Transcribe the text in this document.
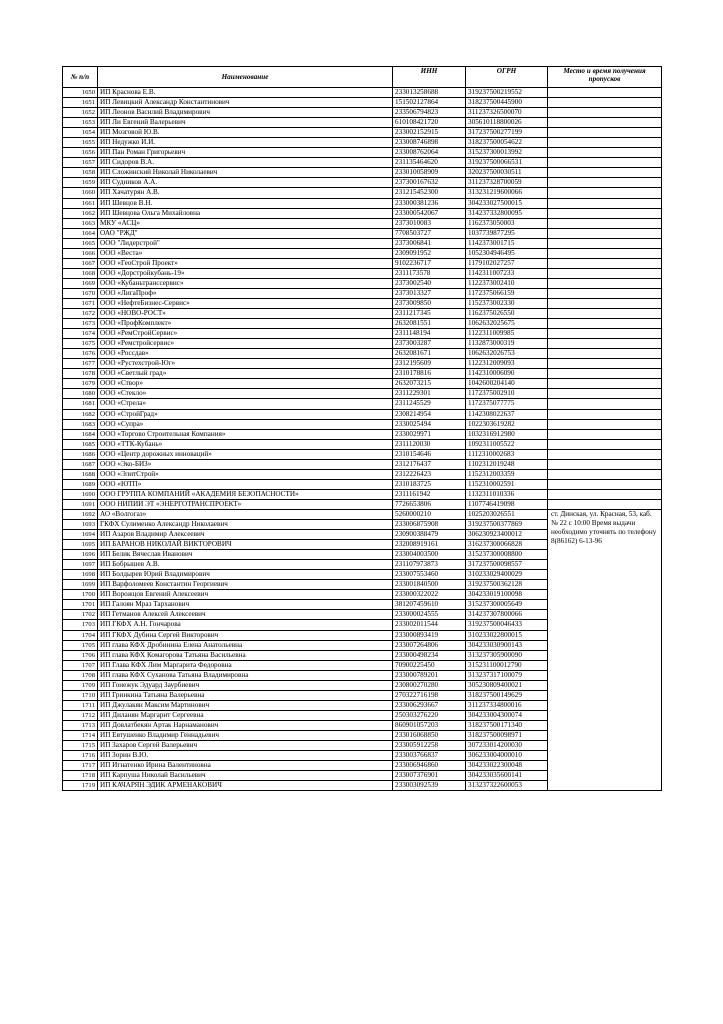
№ п/п	Наименование	ИНН	ОГРН	Место и время получения пропусков
1650	ИП Краснова Е.В.	233013258688	319237500219552	
1651	ИП Левицкий Александр Константинович	151502127864	318237500445900	
1652	ИП Леонов Василий Владимирович	233506794823	311237326500070	
1653	ИП Ли Евгений Валерьевич	610108421720	305610118800026	
1654	ИП Мозговой Ю.В.	233002152915	317237500277199	
1655	ИП Недужко И.И.	233008746898	318237500054622	
1656	ИП Пан Роман Григорьевич	233008762064	315237300013992	
1657	ИП Сидоров В.А.	231135464620	319237500066531	
1658	ИП Сложинский Николай Николаевич	233010058909	320237500030511	
1659	ИП Судников А.А.	237300167632	311237328700059	
1660	ИП Хачатурян А.В.	231215452300	313231219600066	
1661	ИП Шевцов В.Н.	233000381236	304233027500015	
1662	ИП Шевцова Ольга Михайловна	233000542067	314237332800095	
1663	МКУ «АСЦ»	2373010083	1162373050003	
1664	ОАО "РЖД"	7708503727	1037739877295	
1665	ООО "Лидерстрой"	2373006841	1142373001715	
1666	ООО «Веста»	2309091952	1052304946495	
1667	ООО «ГеоСтрой Проект»	9102236717	1179102027257	
1668	ООО «Дорстройкубань-19»	2311173578	1142311007233	
1669	ООО «Кубаньтранссервис»	2373002540	1122373002410	
1670	ООО «ЛигаПроф»	2373013327	1172375066159	
1671	ООО «НефтеБизнес-Сервис»	2373009850	1152373002330	
1672	ООО «НОВО-РОСТ»	2311217345	1162375026550	
1673	ООО «ПрофКомплект»	2632081551	1062632025675	
1674	ООО «РемСтройСервис»	2311148194	1122311009985	
1675	ООО «Ремстройсервис»	2373003287	1132873000319	
1676	ООО «Россдав»	2632081671	1062632026753	
1677	ООО «Рустехстрой-Юг»	2312195609	1122312009093	
1678	ООО «Светлый град»	2310178816	1142310006090	
1679	ООО «Створ»	2632073215	1042600204140	
1680	ООО «Стекло»	2311229301	1172375002910	
1681	ООО «Стрела»	2311245529	1172375077775	
1682	ООО «СтройГрад»	2308214954	1142308022637	
1683	ООО «Супра»	2330025494	1022303619282	
1684	ООО «Торгово Строительная Компания»	2330029971	1032316912980	
1685	ООО «ТТК-Кубань»	2311120030	1092311005522	
1686	ООО «Центр дорожных инноваций»	2310154646	1112310002683	
1687	ООО «Эко-БИЗ»	2312176437	1102312019248	
1688	ООО «ЭлитСтрой»	2312226423	1152312003359	
1689	ООО «ЮТП»	2310183725	1152310002591	
1690	ООО ГРУППА КОМПАНИЙ «АКАДЕМИЯ БЕЗОПАСНОСТИ»	2311161942	1132311010336	
1691	ООО НИПИИ ЭТ «ЭНЕРГОТРАНСПРОЕКТ»	7726653806	1107746419098	
1692	АО «Волгогаз»	5260000210	1025203026551	ст. Динская, ул. Красная, 53, каб. № 22 с 10:00 Время выдачи необходимо уточнять по телефону 8(86162) 6-13-96
1693	ГКФХ Сулименко Александр Николаевич	233006875908	319237500377869	
1694	ИП Азаров Владимир Алексеевич	230900388479	306230923400012	
1695	ИП БАРАНОВ НИКОЛАЙ ВИКТОРОВИЧ	232008919161	316237300066828	
1696	ИП Белик Вячеслав Иванович	233004003500	315237300008800	
1697	ИП Бобрышев А.В.	231107973873	317237500098557	
1698	ИП Болдырев Юрий Владимирович	233007553460	310233029400029	
1699	ИП Варфоломеев Константин Георгиевич	233001840500	319237500362128	
1700	ИП Ворожцов Евгений Алексеевич	233000322022	304233019100098	
1701	ИП Галоян Мраз Тарханович	381207459610	315237300005649	
1702	ИП Гетманов Алексей Алексеевич	233000024555	314237307800066	
1703	ИП ГКФХ А.Н. Гончарова	233002011544	319237500046433	
1704	ИП ГКФХ Дубина Сергей Викторович	233000893419	310233022800015	
1705	ИП глава КФХ Дробинина Елена Анатольевна	233007264806	304233030900143	
1706	ИП глава КФХ Комагорова Татьяна Васильевна	233000498234	313237305900090	
1707	ИП Глава КФХ Лим Маргарита Федоровна	70900225450	315231100012790	
1708	ИП глава КФХ Суханова Татьяна Владимировна	233000789201	313237317100079	
1709	ИП Гонежук Эдуард Заурбиевич	230800270280	305230809400021	
1710	ИП Гринкина Татьяна Валерьевна	270322716198	318237500149629	
1711	ИП Джулакян Максим Мартинович	233006293667	311237334800016	
1712	ИП Диланян Маргарит Сергеевна	250303276220	304233004300074	
1713	ИП Довлатбекян Артак Нарнаманович	860901057203	318237500171340	
1714	ИП Евтушенко Владимир Геннадьевич	233016068850	318237500098971	
1715	ИП Захаров Сергей Валерьевич	233005912258	307233014200030	
1716	ИП Зорин В.Ю.	233003766837	306233004000010	
1717	ИП Игнатенко Ирина Валентиновна	233006946860	304233022300048	
1718	ИП Карпуша Николай Васильевич	233007376901	304233035600141	
1719	ИП КАЧАРЯН ЭДИК АРМЕНАКОВИЧ	233003092539	313237322600053	
